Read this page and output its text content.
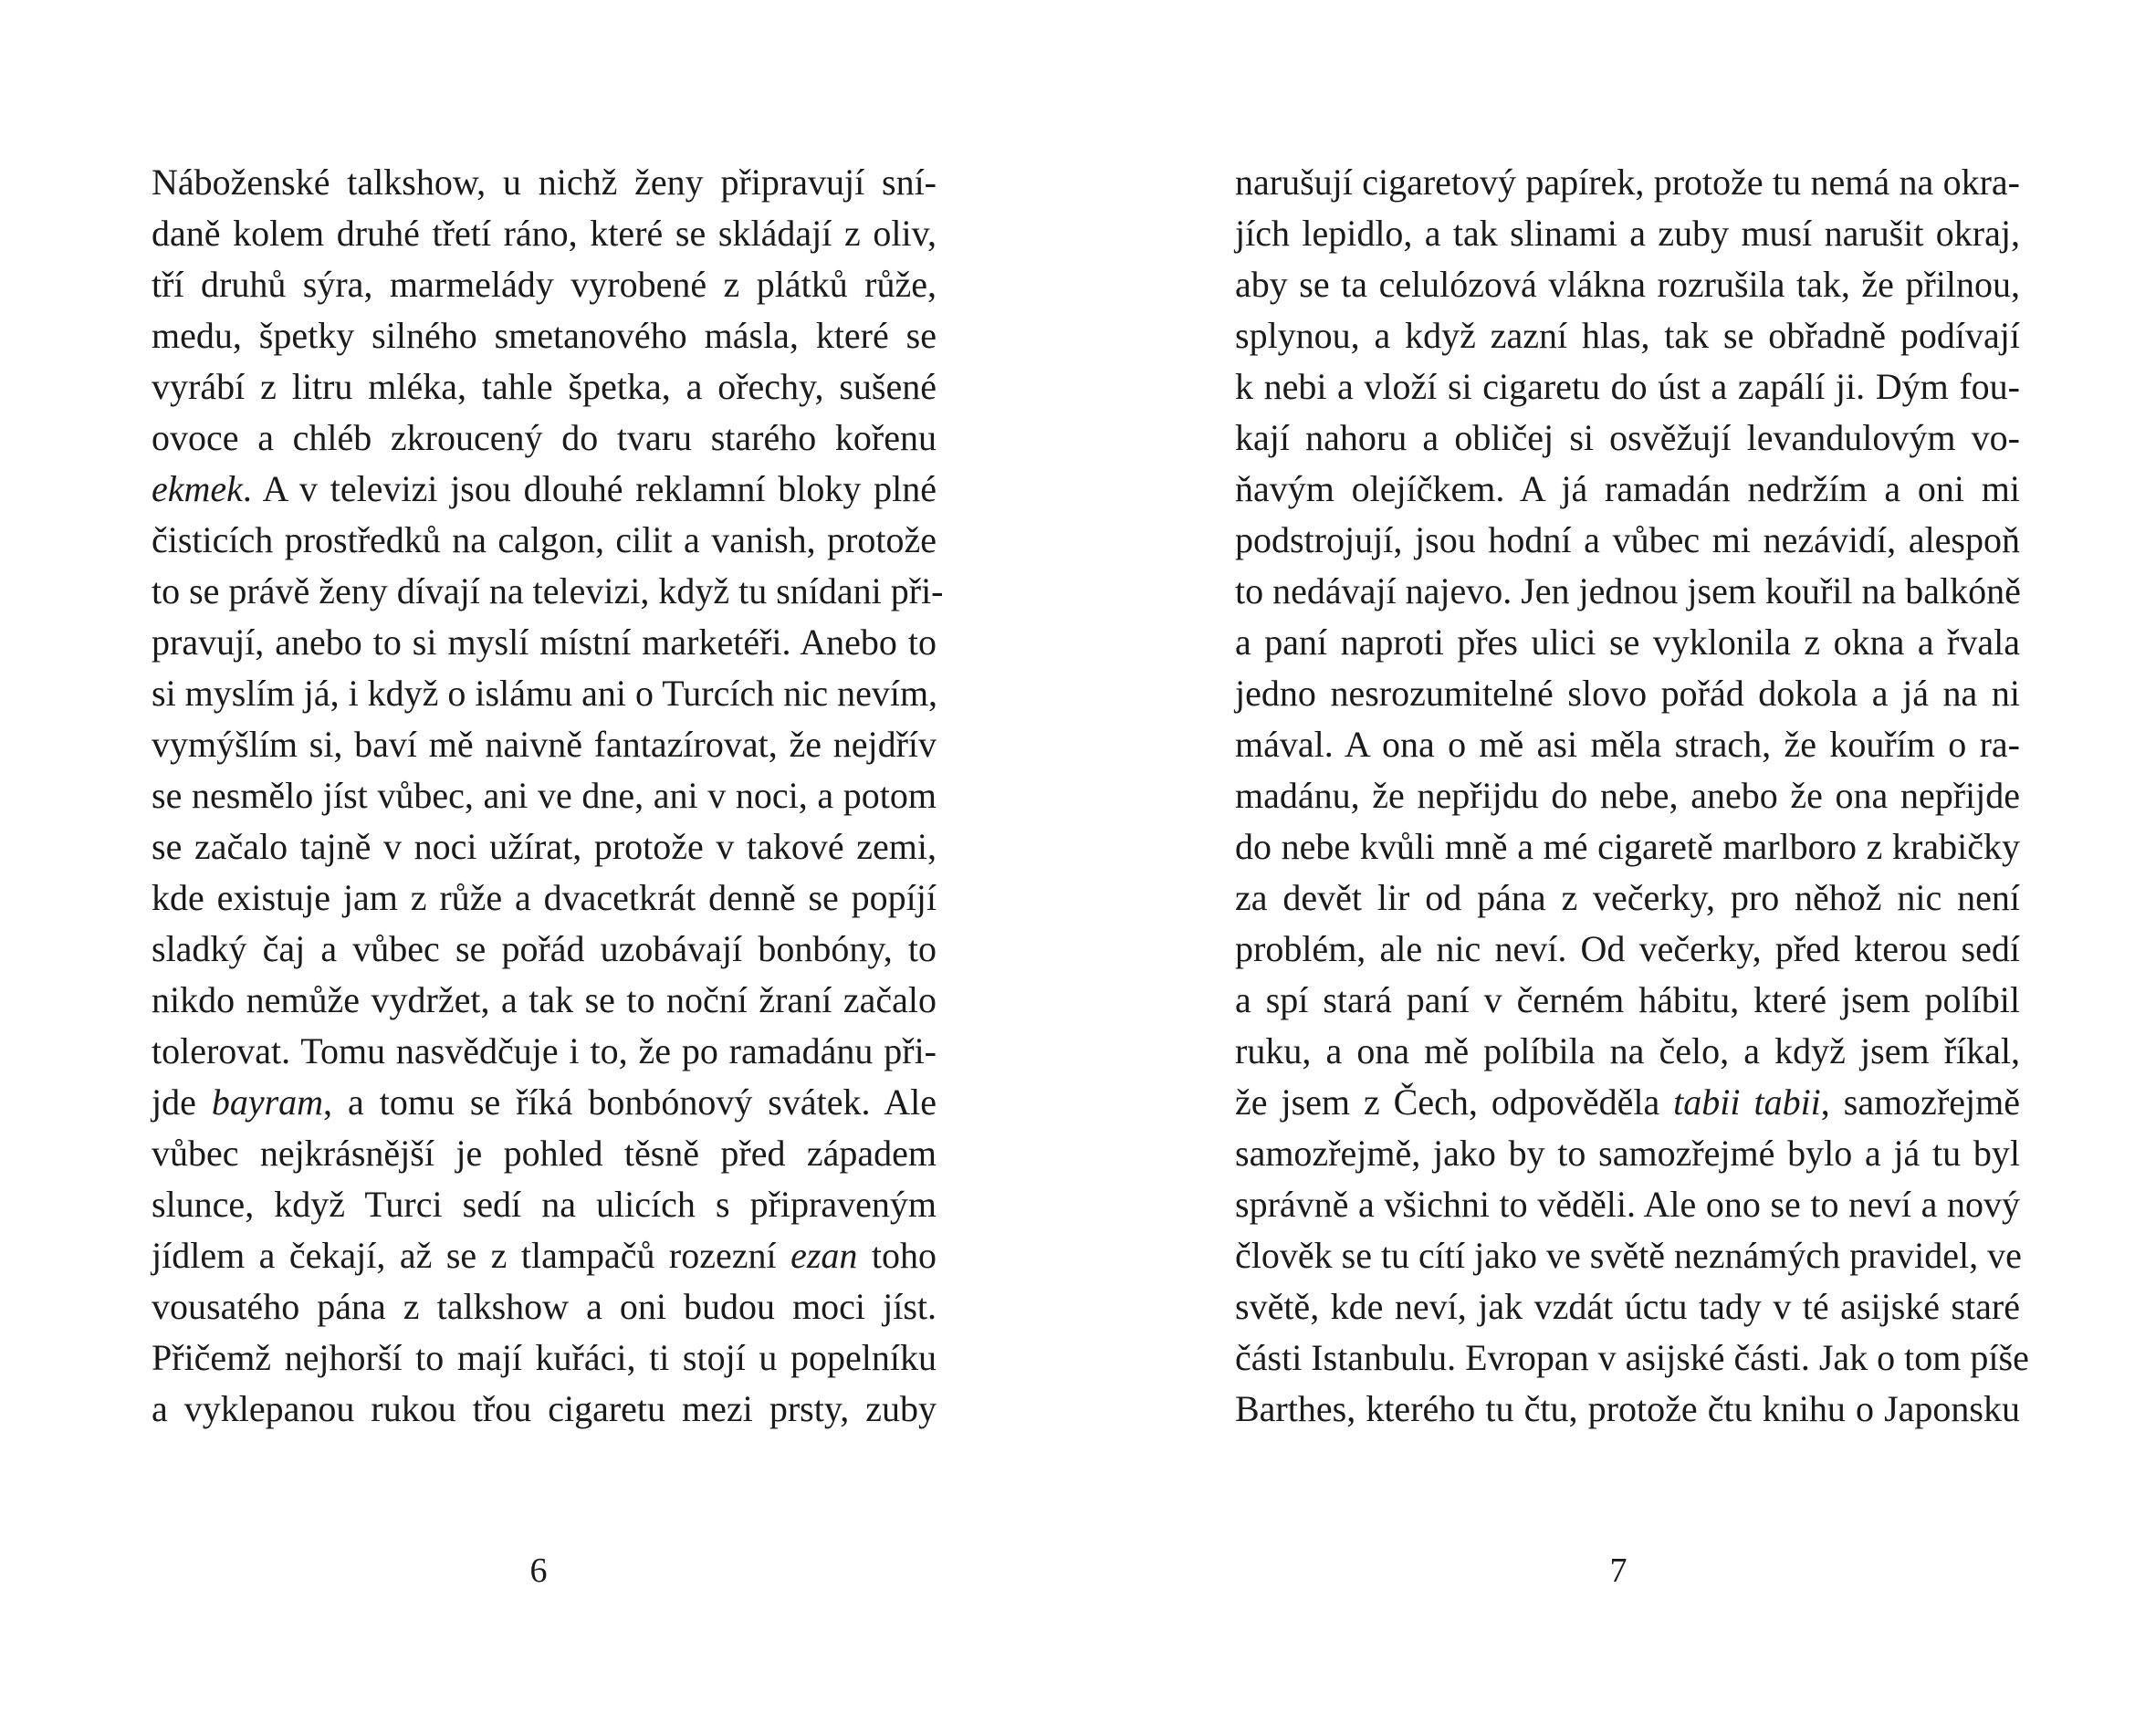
Náboženské talkshow, u nichž ženy připravují sní-
daně kolem druhé třetí ráno, které se skládají z oliv,
tří druhů sýra, marmelády vyrobené z plátků růže,
medu, špetky silného smetanového másla, které se
vyrábí z litru mléka, tahle špetka, a ořechy, sušené
ovoce a chléb zkroucený do tvaru starého kořenu
ekmek. A v televizi jsou dlouhé reklamní bloky plné
čisticích prostředků na calgon, cilit a vanish, protože
to se právě ženy dívají na televizi, když tu snídani při-
pravují, anebo to si myslí místní marketéři. Anebo to
si myslím já, i když o islámu ani o Turcích nic nevím,
vymýšlím si, baví mě naivně fantazírovat, že nejdřív
se nesmělo jíst vůbec, ani ve dne, ani v noci, a potom
se začalo tajně v noci užírat, protože v takové zemi,
kde existuje jam z růže a dvacetkrát denně se popíjí
sladký čaj a vůbec se pořád uzobávají bonbóny, to
nikdo nemůže vydržet, a tak se to noční žraní začalo
tolerovat. Tomu nasvědčuje i to, že po ramadánu při-
jde bayram, a tomu se říká bonbónový svátek. Ale
vůbec nejkrásnější je pohled těsně před západem
slunce, když Turci sedí na ulicích s připraveným
jídlem a čekají, až se z tlampačů rozezní ezan toho
vousatého pána z talkshow a oni budou moci jíst.
Přičemž nejhorší to mají kuřáci, ti stojí u popelníku
a vyklepanou rukou třou cigaretu mezi prsty, zuby
6
narušují cigaretový papírek, protože tu nemá na okra-
jích lepidlo, a tak slinami a zuby musí narušit okraj,
aby se ta celulózová vlákna rozrušila tak, že přilnou,
splynou, a když zazní hlas, tak se obřadně podívají
k nebi a vloží si cigaretu do úst a zapálí ji. Dým fou-
kají nahoru a obličej si osvěžují levandulovým vo-
ňavým olejíčkem. A já ramadán nedržím a oni mi
podstrojují, jsou hodní a vůbec mi nezávidí, alespoň
to nedávají najevo. Jen jednou jsem kouřil na balkóně
a paní naproti přes ulici se vyklonila z okna a řvala
jedno nesrozumitelné slovo pořád dokola a já na ni
mával. A ona o mě asi měla strach, že kouřím o ra-
madánu, že nepřijdu do nebe, anebo že ona nepřijde
do nebe kvůli mně a mé cigaretě marlboro z krabičky
za devět lir od pána z večerky, pro něhož nic není
problém, ale nic neví. Od večerky, před kterou sedí
a spí stará paní v černém hábitu, které jsem políbil
ruku, a ona mě políbila na čelo, a když jsem říkal,
že jsem z Čech, odpověděla tabii tabii, samozřejmě
samozřejmě, jako by to samozřejmé bylo a já tu byl
správně a všichni to věděli. Ale ono se to neví a nový
člověk se tu cítí jako ve světě neznámých pravidel, ve
světě, kde neví, jak vzdát úctu tady v té asijské staré
části Istanbulu. Evropan v asijské části. Jak o tom píše
Barthes, kterého tu čtu, protože čtu knihu o Japonsku
7
